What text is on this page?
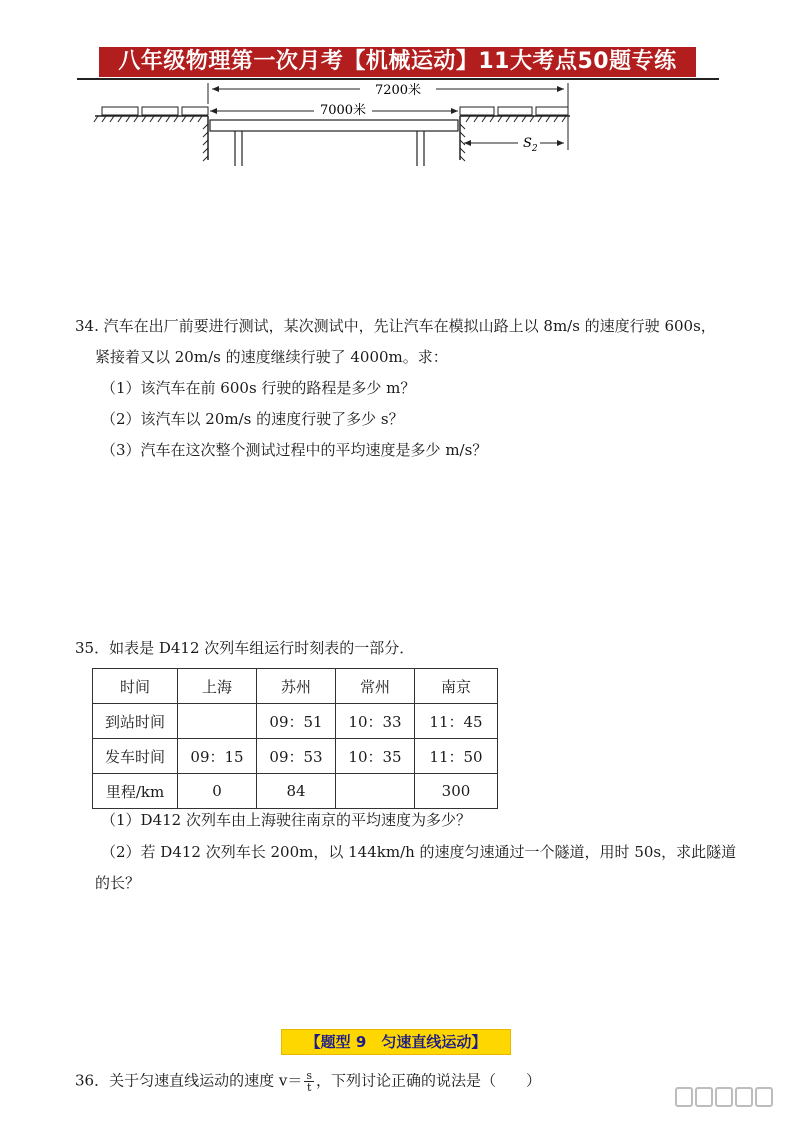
八年级物理第一次月考【机械运动】11大考点50题专练
7200米
7000米
$S_2$
34. 汽车在出厂前要进行测试，某次测试中，先让汽车在模拟山路上以 8m/s 的速度行驶 600s，
紧接着又以 20m/s 的速度继续行驶了 4000m。求：
（1）该汽车在前 600s 行驶的路程是多少 m？
（2）该汽车以 20m/s 的速度行驶了多少 s？
（3）汽车在这次整个测试过程中的平均速度是多少 m/s？
35．如表是 D412 次列车组运行时刻表的一部分．
时间	上海	苏州	常州	南京
到站时间		09：51	10：33	11：45
发车时间	09：15	09：53	10：35	11：50
里程/km	0	84		300
（1）D412 次列车由上海驶往南京的平均速度为多少？
（2）若 D412 次列车长 200m，以 144km/h 的速度匀速通过一个隧道，用时 50s，求此隧道
的长？
【题型 9　匀速直线运动】
36．关于匀速直线运动的速度 $v= \frac{s}{t}$ ，下列讨论正确的说法是（　　）
